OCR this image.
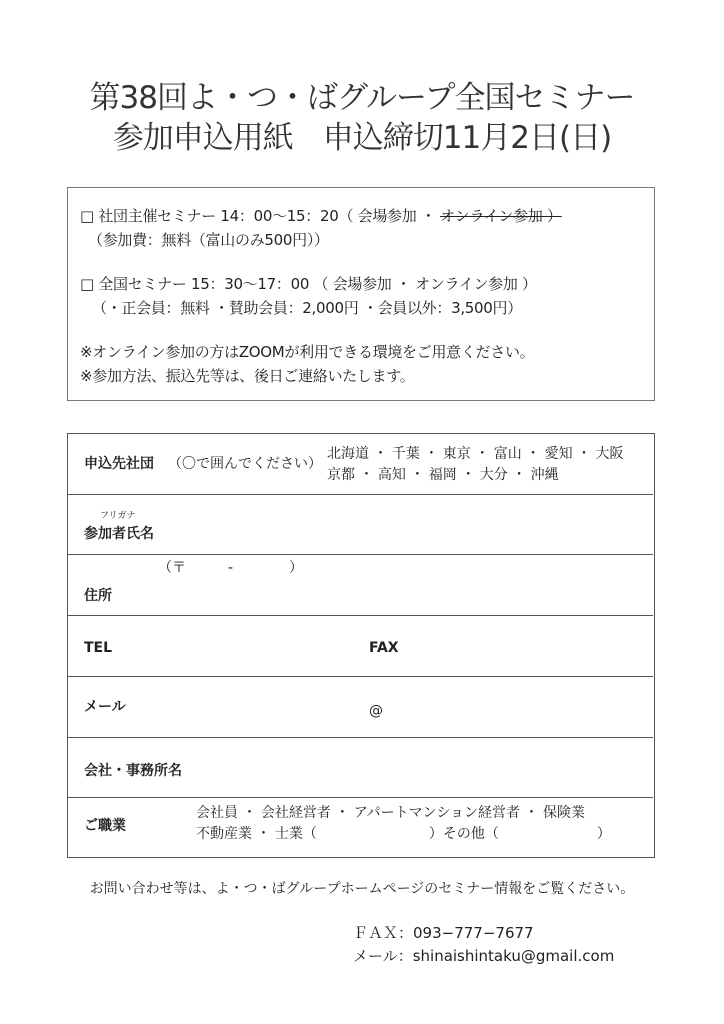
第38回よ・つ・ばグループ全国セミナー
参加申込用紙　申込締切11月2日(日)
□ 社団主催セミナー 14：00〜15：20（ 会場参加 ・ オンライン参加 ）
（参加費：無料（富山のみ500円））
□ 全国セミナー 15：30〜17：00 （ 会場参加 ・ オンライン参加 ）
（・正会員：無料 ・賛助会員：2,000円 ・会員以外：3,500円）
※オンライン参加の方はZOOMが利用できる環境をご用意ください。
※参加方法、振込先等は、後日ご連絡いたします。
申込先社団 （〇で囲んでください）
北海道 ・ 千葉 ・ 東京 ・ 富山 ・ 愛知 ・ 大阪
京都 ・ 高知 ・ 福岡 ・ 大分 ・ 沖縄
フリガナ
参加者氏名
（〒　　　-　　　　）
住所
TEL	FAX
メール	@
会社・事務所名
ご職業
会社員 ・ 会社経営者 ・ アパートマンション経営者 ・ 保険業
不動産業 ・ 士業（　　　　　　　　）その他（　　　　　　　）
お問い合わせ等は、よ・つ・ばグループホームページのセミナー情報をご覧ください。
ＦＡＸ：093−777−7677
メール：shinaishintaku@gmail.com
